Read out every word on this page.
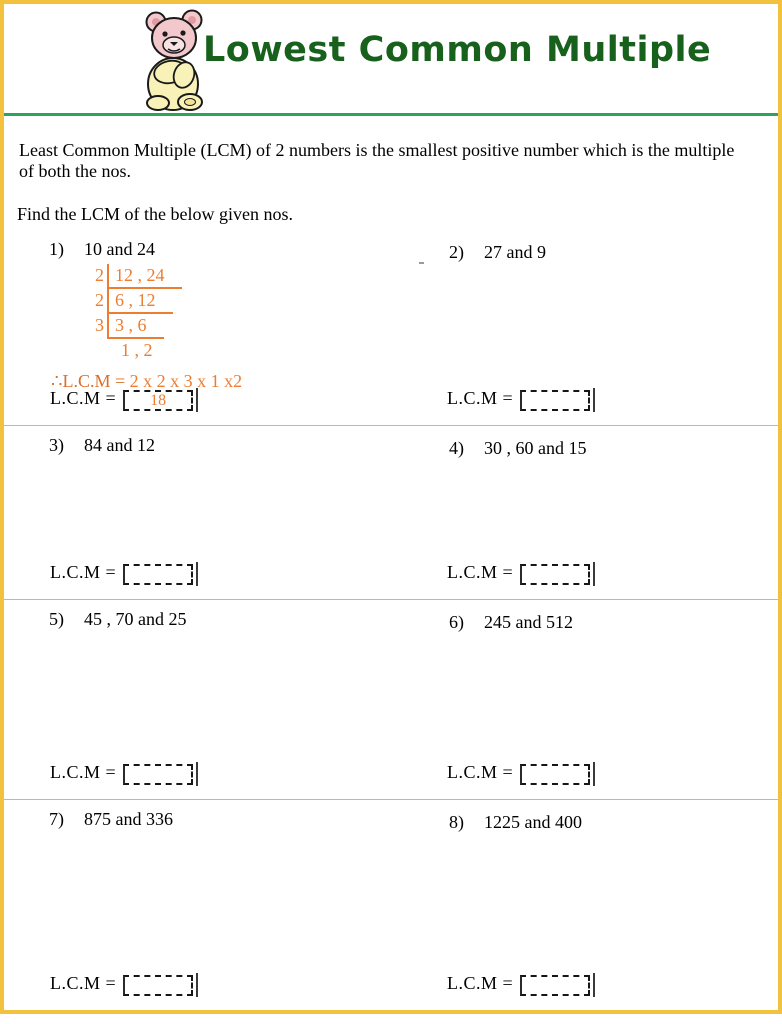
Lowest Common Multiple

Least Common Multiple (LCM) of 2 numbers is the smallest positive number which is the multiple of both the nos.

Find the LCM of the below given nos.

1) 10 and 24
2 12 , 24
2 6 , 12
3 3 , 6
1 , 2
∴L.C.M = 2 x 2 x 3 x 1 x2
L.C.M = 18
2) 27 and 9
L.C.M =
3) 84 and 12
L.C.M =
4) 30 , 60 and 15
L.C.M =
5) 45 , 70 and 25
L.C.M =
6) 245 and 512
L.C.M =
7) 875 and 336
L.C.M =
8) 1225 and 400
L.C.M =
